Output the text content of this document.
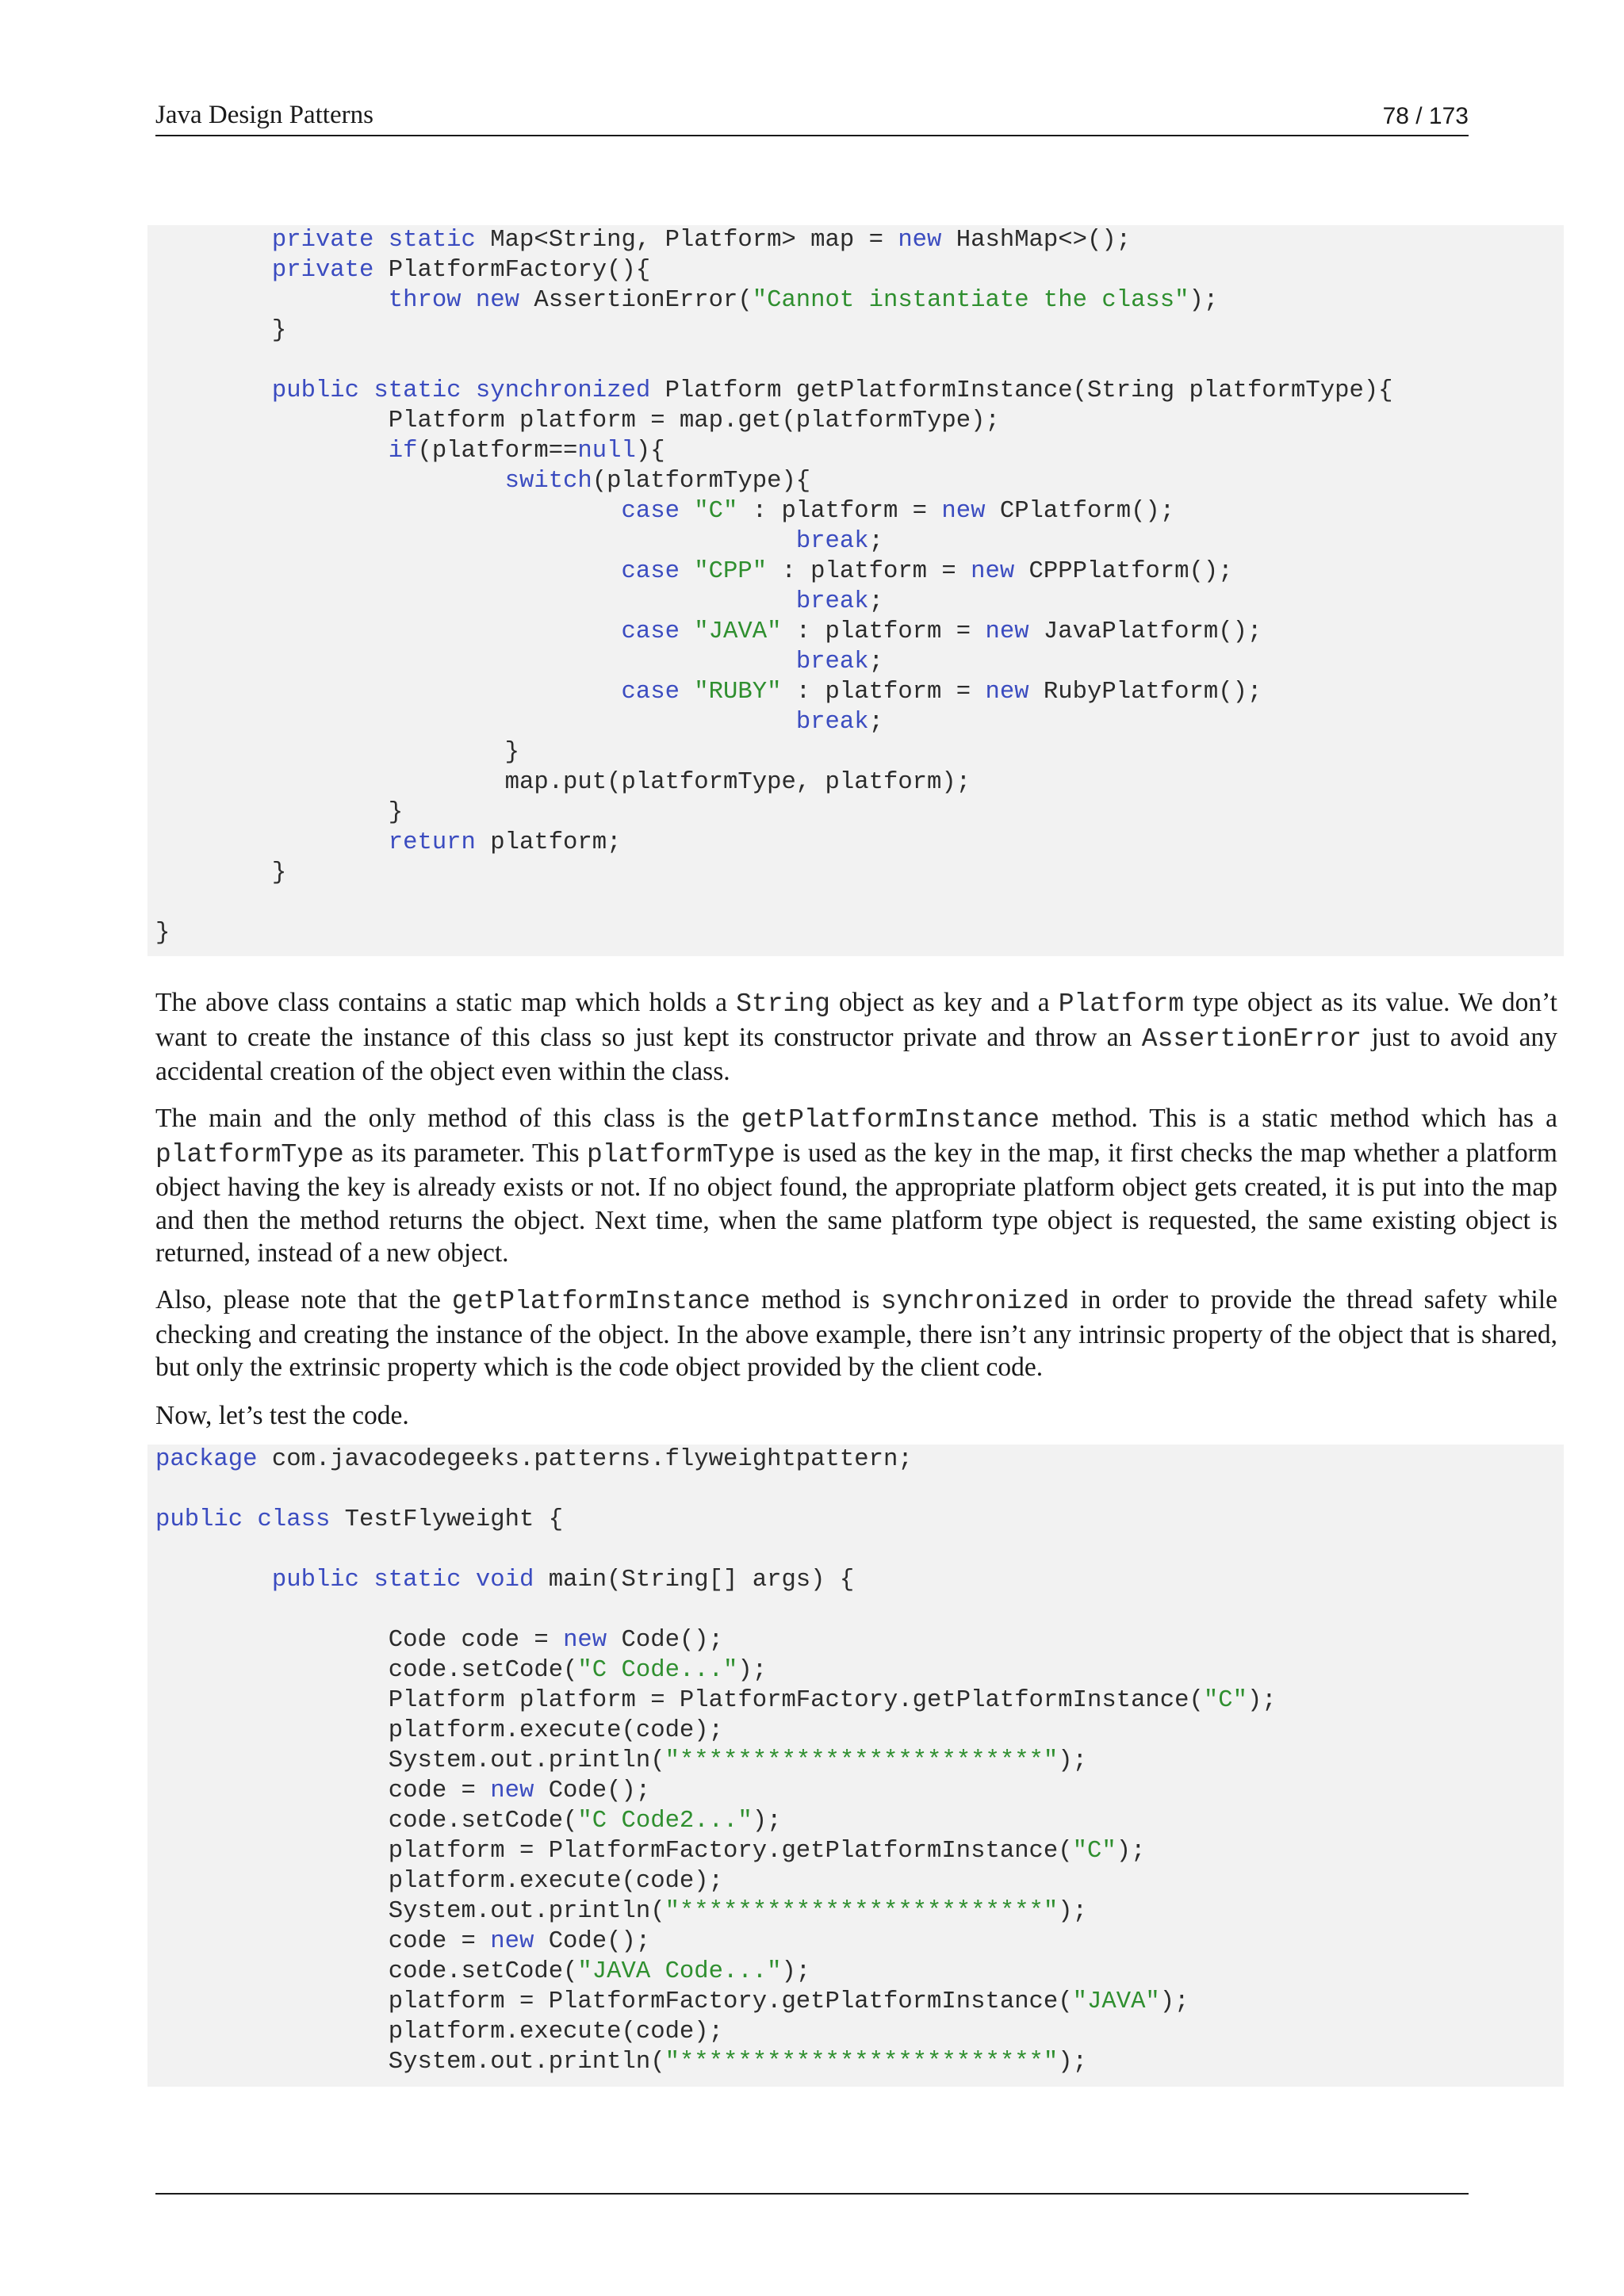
Java Design Patterns	78 / 173
private static Map<String, Platform> map = new HashMap<>();
private PlatformFactory(){
throw new AssertionError("Cannot instantiate the class");
}
public static synchronized Platform getPlatformInstance(String platformType){
Platform platform = map.get(platformType);
if(platform==null){
switch(platformType){
case "C" : platform = new CPlatform();
break;
case "CPP" : platform = new CPPPlatform();
break;
case "JAVA" : platform = new JavaPlatform();
break;
case "RUBY" : platform = new RubyPlatform();
break;
}
map.put(platformType, platform);
}
return platform;
}
}
The above class contains a static map which holds a String object as key and a Platform type object as its value. We don’t want to create the instance of this class so just kept its constructor private and throw an AssertionError just to avoid any accidental creation of the object even within the class.
The main and the only method of this class is the getPlatformInstance method. This is a static method which has a platformType as its parameter. This platformType is used as the key in the map, it first checks the map whether a platform object having the key is already exists or not. If no object found, the appropriate platform object gets created, it is put into the map and then the method returns the object. Next time, when the same platform type object is requested, the same existing object is returned, instead of a new object.
Also, please note that the getPlatformInstance method is synchronized in order to provide the thread safety while checking and creating the instance of the object. In the above example, there isn’t any intrinsic property of the object that is shared, but only the extrinsic property which is the code object provided by the client code.
Now, let’s test the code.
package com.javacodegeeks.patterns.flyweightpattern;
public class TestFlyweight {
public static void main(String[] args) {
Code code = new Code();
code.setCode("C Code...");
Platform platform = PlatformFactory.getPlatformInstance("C");
platform.execute(code);
System.out.println("*************************");
code = new Code();
code.setCode("C Code2...");
platform = PlatformFactory.getPlatformInstance("C");
platform.execute(code);
System.out.println("*************************");
code = new Code();
code.setCode("JAVA Code...");
platform = PlatformFactory.getPlatformInstance("JAVA");
platform.execute(code);
System.out.println("*************************");
